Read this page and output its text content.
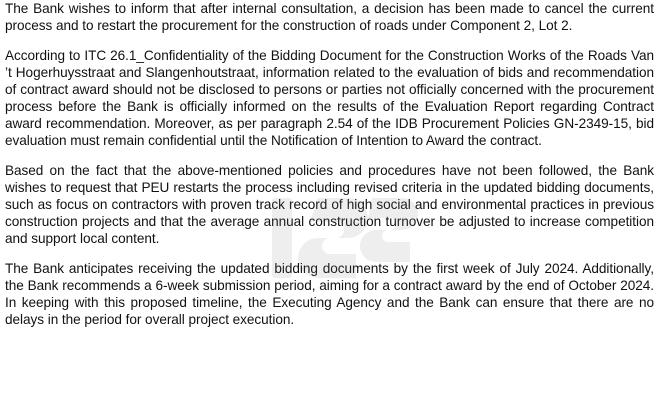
The Bank wishes to inform that after internal consultation, a decision has been made to cancel the current process and to restart the procurement for the construction of roads under Component 2, Lot 2.

According to ITC 26.1_Confidentiality of the Bidding Document for the Construction Works of the Roads Van ’t Hogerhuysstraat and Slangenhoutstraat, information related to the evaluation of bids and recommendation of contract award should not be disclosed to persons or parties not officially concerned with the procurement process before the Bank is officially informed on the results of the Evaluation Report regarding Contract award recommendation. Moreover, as per paragraph 2.54 of the IDB Procurement Policies GN-2349-15, bid evaluation must remain confidential until the Notification of Intention to Award the contract.

Based on the fact that the above-mentioned policies and procedures have not been followed, the Bank wishes to request that PEU restarts the process including revised criteria in the updated bidding documents, such as focus on contractors with proven track record of high social and environmental practices in previous construction projects and that the average annual construction turnover be adjusted to increase competition and support local content.

The Bank anticipates receiving the updated bidding documents by the first week of July 2024. Additionally, the Bank recommends a 6-week submission period, aiming for a contract award by the end of October 2024. In keeping with this proposed timeline, the Executing Agency and the Bank can ensure that there are no delays in the period for overall project execution.
